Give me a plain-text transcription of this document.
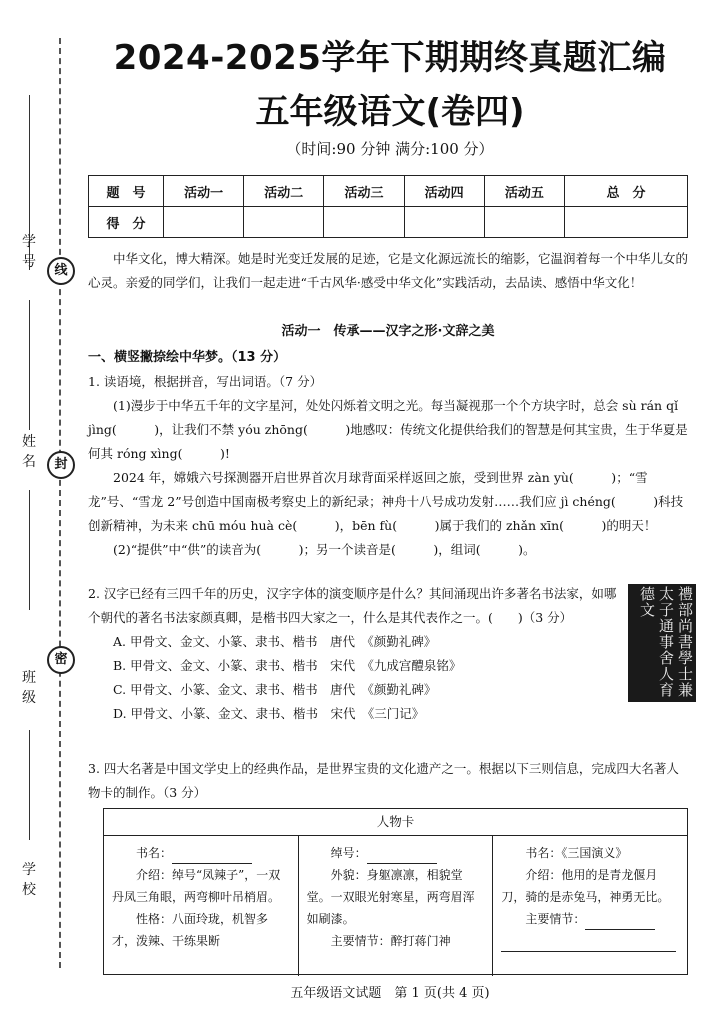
学 号
姓 名
班 级
学 校
线
封
密
2024-2025学年下期期终真题汇编
五年级语文(卷四)
（时间:90 分钟 满分:100 分）
题　号	活动一	活动二	活动三	活动四	活动五	总　分
得　分						
中华文化，博大精深。她是时光变迁发展的足迹，它是文化源远流长的缩影，它温润着每一个中华儿女的心灵。亲爱的同学们，让我们一起走进“千古风华·感受中华文化”实践活动，去品读、感悟中华文化！
活动一　传承——汉字之形·文辞之美
一、横竖撇捺绘中华梦。（13 分）

1. 读语境，根据拼音，写出词语。（7 分）

(1)漫步于中华五千年的文字星河，处处闪烁着文明之光。每当凝视那一个个方块字时，总会 sù rán qǐ jìng(　　　)，让我们不禁 yóu zhōng(　　　)地感叹：传统文化提供给我们的智慧是何其宝贵，生于华夏是何其 róng xìng(　　　)!

2024 年，嫦娥六号探测器开启世界首次月球背面采样返回之旅，受到世界 zàn yù(　　　)；“雪龙”号、“雪龙 2”号创造中国南极考察史上的新纪录；神舟十八号成功发射……我们应 jì chéng(　　　)科技创新精神，为未来 chū móu huà cè(　　　)，bēn fù(　　　)属于我们的 zhǎn xīn(　　　)的明天！

(2)“提供”中“供”的读音为(　　　)；另一个读音是(　　　)，组词(　　　)。

2. 汉字已经有三四千年的历史，汉字字体的演变顺序是什么？其间涌现出许多著名书法家，如哪个朝代的著名书法家颜真卿，是楷书四大家之一，什么是其代表作之一。(　　)（3 分）

A. 甲骨文、金文、小篆、隶书、楷书　唐代　《颜勤礼碑》

B. 甲骨文、金文、小篆、隶书、楷书　宋代　《九成宫醴泉铭》

C. 甲骨文、小篆、金文、隶书、楷书　唐代　《颜勤礼碑》

D. 甲骨文、小篆、金文、隶书、楷书　宋代　《三门记》

禮部尚書學士兼太子通事舍人育德文

3. 四大名著是中国文学史上的经典作品，是世界宝贵的文化遗产之一。根据以下三则信息，完成四大名著人物卡的制作。（3 分）

人物卡
书名：
介绍：绰号“凤辣子”，一双丹凤三角眼，两弯柳叶吊梢眉。
性格：八面玲珑，机智多才，泼辣、干练果断
绰号：
外貌：身躯凛凛，相貌堂堂。一双眼光射寒星，两弯眉浑如刷漆。
主要情节：醉打蒋门神
书名：《三国演义》
介绍：他用的是青龙偃月刀，骑的是赤兔马，神勇无比。
主要情节：
五年级语文试题　第 1 页(共 4 页)
